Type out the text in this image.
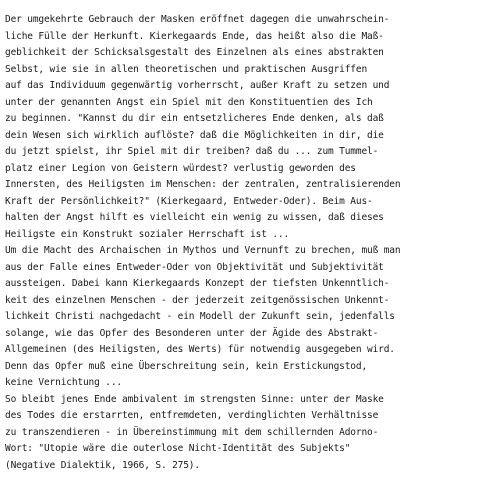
Der umgekehrte Gebrauch der Masken eröffnet dagegen die unwahrschein-
liche Fülle der Herkunft. Kierkegaards Ende, das heißt also die Maß-
geblichkeit der Schicksalsgestalt des Einzelnen als eines abstrakten
Selbst, wie sie in allen theoretischen und praktischen Ausgriffen
auf das Individuum gegenwärtig vorherrscht, außer Kraft zu setzen und
unter der genannten Angst ein Spiel mit den Konstituentien des Ich
zu beginnen. "Kannst du dir ein entsetzlicheres Ende denken, als daß
dein Wesen sich wirklich auflöste? daß die Möglichkeiten in dir, die
du jetzt spielst, ihr Spiel mit dir treiben? daß du ... zum Tummel-
platz einer Legion von Geistern würdest? verlustig geworden des
Innersten, des Heiligsten im Menschen: der zentralen, zentralisierenden
Kraft der Persönlichkeit?" (Kierkegaard, Entweder-Oder). Beim Aus-
halten der Angst hilft es vielleicht ein wenig zu wissen, daß dieses
Heiligste ein Konstrukt sozialer Herrschaft ist ...
Um die Macht des Archaischen in Mythos und Vernunft zu brechen, muß man
aus der Falle eines Entweder-Oder von Objektivität und Subjektivität
aussteigen. Dabei kann Kierkegaards Konzept der tiefsten Unkenntlich-
keit des einzelnen Menschen - der jederzeit zeitgenössischen Unkennt-
lichkeit Christi nachgedacht - ein Modell der Zukunft sein, jedenfalls
solange, wie das Opfer des Besonderen unter der Ägide des Abstrakt-
Allgemeinen (des Heiligsten, des Werts) für notwendig ausgegeben wird.
Denn das Opfer muß eine Überschreitung sein, kein Erstickungstod,
keine Vernichtung ...
So bleibt jenes Ende ambivalent im strengsten Sinne: unter der Maske
des Todes die erstarrten, entfremdeten, verdinglichten Verhältnisse
zu transzendieren - in Übereinstimmung mit dem schillernden Adorno-
Wort: "Utopie wäre die outerlose Nicht-Identität des Subjekts"
(Negative Dialektik, 1966, S. 275).
